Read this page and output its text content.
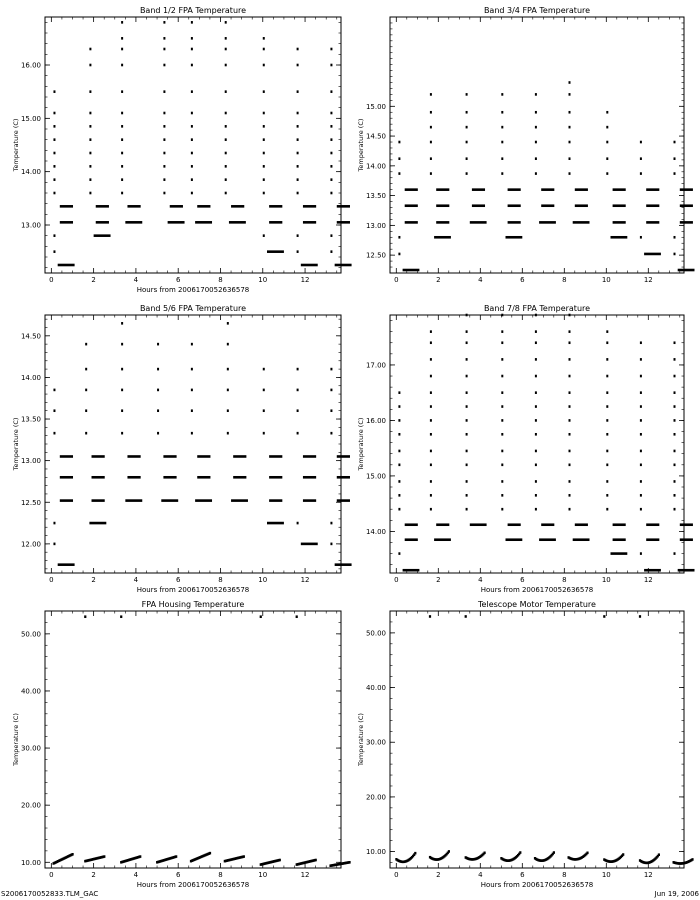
Band 1/2 FPA Temperature
Hours from 2006170052636578
Temperature (C)
0	2	4	6	8	10	12
13.00
14.00
15.00
16.00
Band 3/4 FPA Temperature
Temperature (C)
0	2	4	6	8	10	12
12.50
13.00
13.50
14.00
14.50
15.00
Band 5/6 FPA Temperature
Hours from 2006170052636578
Temperature (C)
0	2	4	6	8	10	12
12.00
12.50
13.00
13.50
14.00
14.50
Band 7/8 FPA Temperature
Hours from 2006170052636578
Temperature (C)
0	2	4	6	8	10	12
14.00
15.00
16.00
17.00
FPA Housing Temperature
Hours from 2006170052636578
Temperature (C)
0	2	4	6	8	10	12
10.00
20.00
30.00
40.00
50.00
Telescope Motor Temperature
Hours from 2006170052636578
Temperature (C)
0	2	4	6	8	10	12
10.00
20.00
30.00
40.00
50.00
S2006170052833.TLM_GAC	Jun 19, 2006
